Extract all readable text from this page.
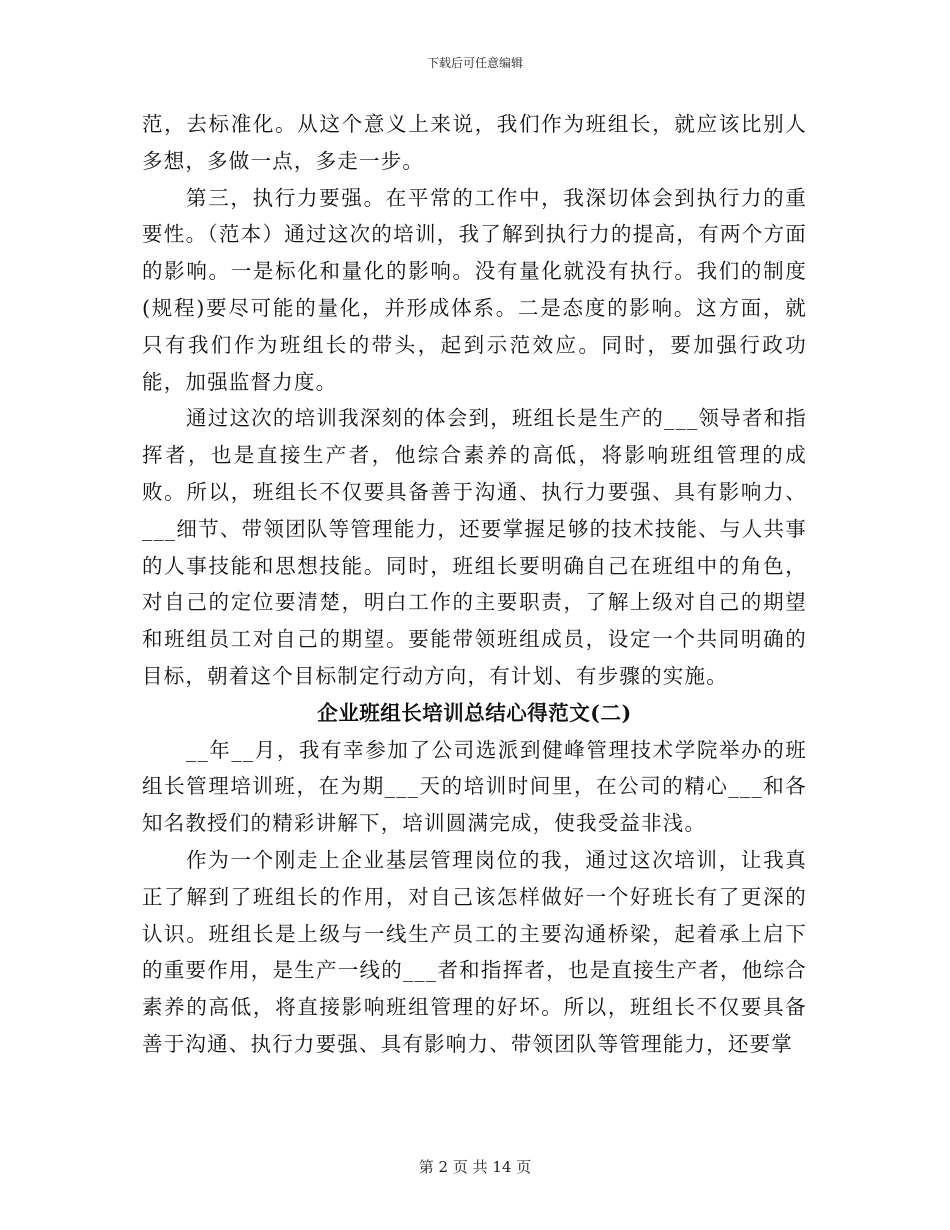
下载后可任意编辑

范，去标准化。从这个意义上来说，我们作为班组长，就应该比别人多想，多做一点，多走一步。

第三，执行力要强。在平常的工作中，我深切体会到执行力的重要性。（范本）通过这次的培训，我了解到执行力的提高，有两个方面的影响。一是标化和量化的影响。没有量化就没有执行。我们的制度(规程)要尽可能的量化，并形成体系。二是态度的影响。这方面，就只有我们作为班组长的带头，起到示范效应。同时，要加强行政功能，加强监督力度。

通过这次的培训我深刻的体会到，班组长是生产的___领导者和指挥者，也是直接生产者，他综合素养的高低，将影响班组管理的成败。所以，班组长不仅要具备善于沟通、执行力要强、具有影响力、___细节、带领团队等管理能力，还要掌握足够的技术技能、与人共事的人事技能和思想技能。同时，班组长要明确自己在班组中的角色，对自己的定位要清楚，明白工作的主要职责，了解上级对自己的期望和班组员工对自己的期望。要能带领班组成员，设定一个共同明确的目标，朝着这个目标制定行动方向，有计划、有步骤的实施。

企业班组长培训总结心得范文(二)

__年__月，我有幸参加了公司选派到健峰管理技术学院举办的班组长管理培训班，在为期___天的培训时间里，在公司的精心___和各知名教授们的精彩讲解下，培训圆满完成，使我受益非浅。

作为一个刚走上企业基层管理岗位的我，通过这次培训，让我真正了解到了班组长的作用，对自己该怎样做好一个好班长有了更深的认识。班组长是上级与一线生产员工的主要沟通桥梁，起着承上启下的重要作用，是生产一线的___者和指挥者，也是直接生产者，他综合素养的高低，将直接影响班组管理的好坏。所以，班组长不仅要具备善于沟通、执行力要强、具有影响力、带领团队等管理能力，还要掌

第 2 页 共 14 页
